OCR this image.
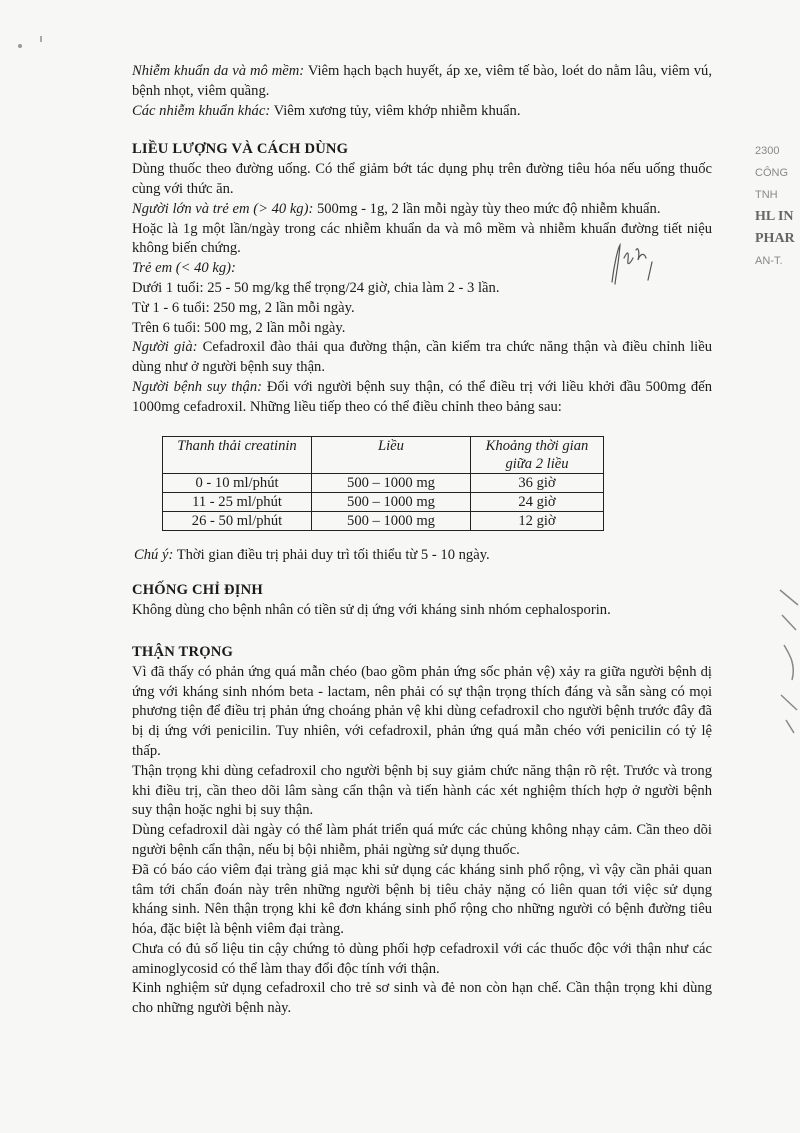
Nhiễm khuẩn da và mô mềm: Viêm hạch bạch huyết, áp xe, viêm tế bào, loét do nằm lâu, viêm vú, bệnh nhọt, viêm quầng.

Các nhiễm khuẩn khác: Viêm xương tủy, viêm khớp nhiễm khuẩn.

LIỀU LƯỢNG VÀ CÁCH DÙNG

Dùng thuốc theo đường uống. Có thể giảm bớt tác dụng phụ trên đường tiêu hóa nếu uống thuốc cùng với thức ăn.

Người lớn và trẻ em (> 40 kg): 500mg - 1g, 2 lần mỗi ngày tùy theo mức độ nhiễm khuẩn.

Hoặc là 1g một lần/ngày trong các nhiễm khuẩn da và mô mềm và nhiễm khuẩn đường tiết niệu không biến chứng.

Trẻ em (< 40 kg):

Dưới 1 tuổi: 25 - 50 mg/kg thể trọng/24 giờ, chia làm 2 - 3 lần.

Từ 1 - 6 tuổi: 250 mg, 2 lần mỗi ngày.

Trên 6 tuổi: 500 mg, 2 lần mỗi ngày.

Người già: Cefadroxil đào thải qua đường thận, cần kiểm tra chức năng thận và điều chỉnh liều dùng như ở người bệnh suy thận.

Người bệnh suy thận: Đối với người bệnh suy thận, có thể điều trị với liều khởi đầu 500mg đến 1000mg cefadroxil. Những liều tiếp theo có thể điều chỉnh theo bảng sau:

Thanh thải creatinin	Liều	Khoảng thời gian giữa 2 liều
0 - 10 ml/phút	500 – 1000 mg	36 giờ
11 - 25 ml/phút	500 – 1000 mg	24 giờ
26 - 50 ml/phút	500 – 1000 mg	12 giờ

Chú ý: Thời gian điều trị phải duy trì tối thiểu từ 5 - 10 ngày.

CHỐNG CHỈ ĐỊNH

Không dùng cho bệnh nhân có tiền sử dị ứng với kháng sinh nhóm cephalosporin.

THẬN TRỌNG

Vì đã thấy có phản ứng quá mẫn chéo (bao gồm phản ứng sốc phản vệ) xảy ra giữa người bệnh dị ứng với kháng sinh nhóm beta - lactam, nên phải có sự thận trọng thích đáng và sẵn sàng có mọi phương tiện để điều trị phản ứng choáng phản vệ khi dùng cefadroxil cho người bệnh trước đây đã bị dị ứng với penicilin. Tuy nhiên, với cefadroxil, phản ứng quá mẫn chéo với penicilin có tỷ lệ thấp.

Thận trọng khi dùng cefadroxil cho người bệnh bị suy giảm chức năng thận rõ rệt. Trước và trong khi điều trị, cần theo dõi lâm sàng cẩn thận và tiến hành các xét nghiệm thích hợp ở người bệnh suy thận hoặc nghi bị suy thận.

Dùng cefadroxil dài ngày có thể làm phát triển quá mức các chủng không nhạy cảm. Cần theo dõi người bệnh cẩn thận, nếu bị bội nhiễm, phải ngừng sử dụng thuốc.

Đã có báo cáo viêm đại tràng giả mạc khi sử dụng các kháng sinh phổ rộng, vì vậy cần phải quan tâm tới chẩn đoán này trên những người bệnh bị tiêu chảy nặng có liên quan tới việc sử dụng kháng sinh. Nên thận trọng khi kê đơn kháng sinh phổ rộng cho những người có bệnh đường tiêu hóa, đặc biệt là bệnh viêm đại tràng.

Chưa có đủ số liệu tin cậy chứng tỏ dùng phối hợp cefadroxil với các thuốc độc với thận như các aminoglycosid có thể làm thay đổi độc tính với thận.

Kinh nghiệm sử dụng cefadroxil cho trẻ sơ sinh và đẻ non còn hạn chế. Cần thận trọng khi dùng cho những người bệnh này.

2300
CÔNG
TNH
HL IN
PHAR
AN-T.
